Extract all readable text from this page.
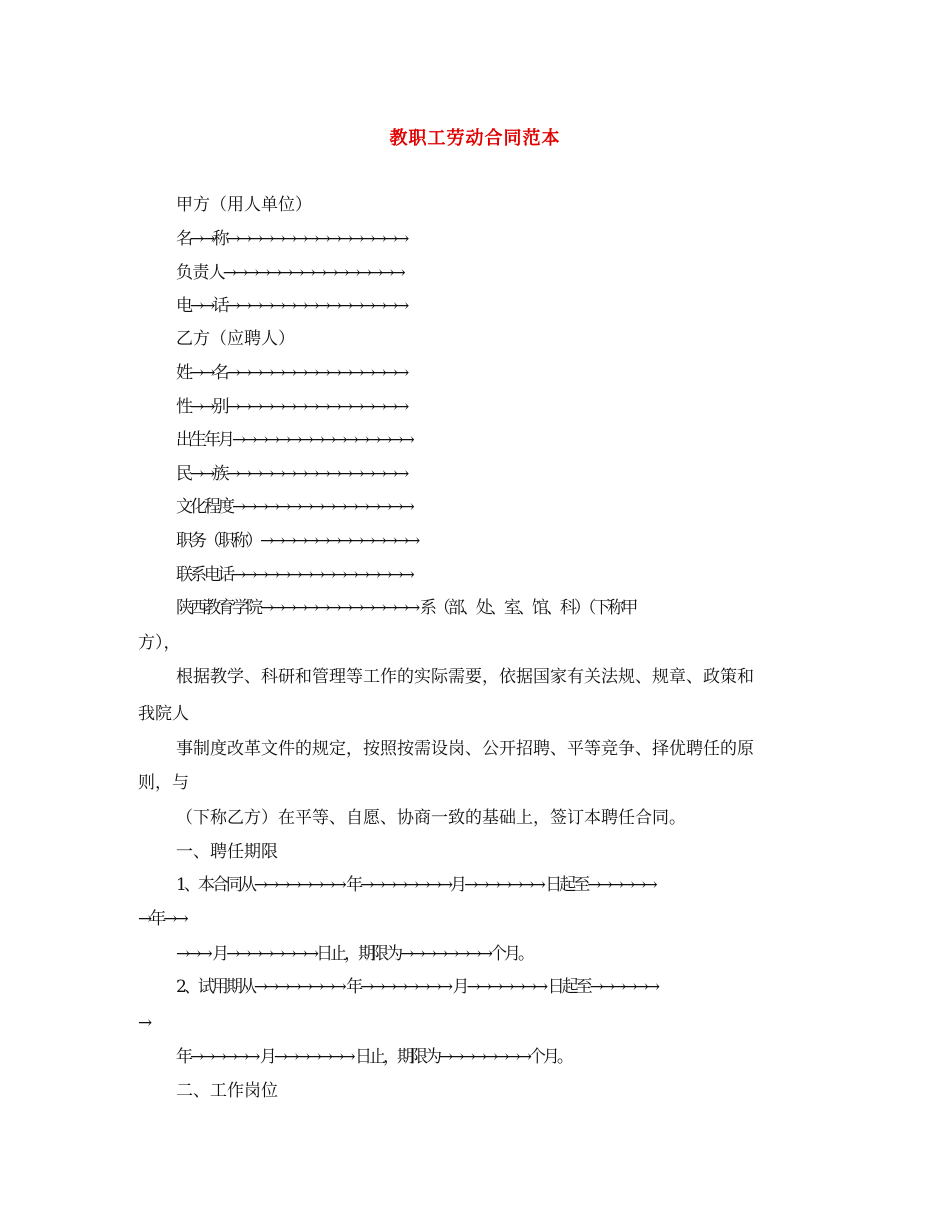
教职工劳动合同范本
甲方（用人单位）
名→→称→→→→→→→→→→→→→→→→
负 责 人→→→→→→→→→→→→→→→→
电→→话→→→→→→→→→→→→→→→→
乙方（应聘人）
姓→→名→→→→→→→→→→→→→→→→
性→→别→→→→→→→→→→→→→→→→
出生年月→→→→→→→→→→→→→→→→
民→→族→→→→→→→→→→→→→→→→
文化程度→→→→→→→→→→→→→→→→
职务（职称）→→→→→→→→→→→→→→
联系电话→→→→→→→→→→→→→→→→
陕西教育学院→→→→→→→→→→→→→→ 系（部、处、室、馆、科）（下称甲
方），
根据教学、科研和管理等工作的实际需要，依据国家有关法规、规章、政策和
我院人
事制度改革文件的规定，按照按需设岗、公开招聘、平等竞争、择优聘任的原
则，与
（下称乙方）在平等、自愿、协商一致的基础上，签订本聘任合同。
一、聘任期限
1、本合同从→→→→→→→→ 年→→→→→→→→月→→→→→→→ 日起至→→→→→→
→年→→
→→→ 月→→→→→→→→日止，期限为→→→→→→→→个月。
2、试用期从→→→→→→→→ 年→→→→→→→→ 月→→→→→→→ 日起至→→→→→→
→
年→→→→→→ 月→→→→→→→ 日止，期限为→→→→→→→→个月。
二、工作岗位
